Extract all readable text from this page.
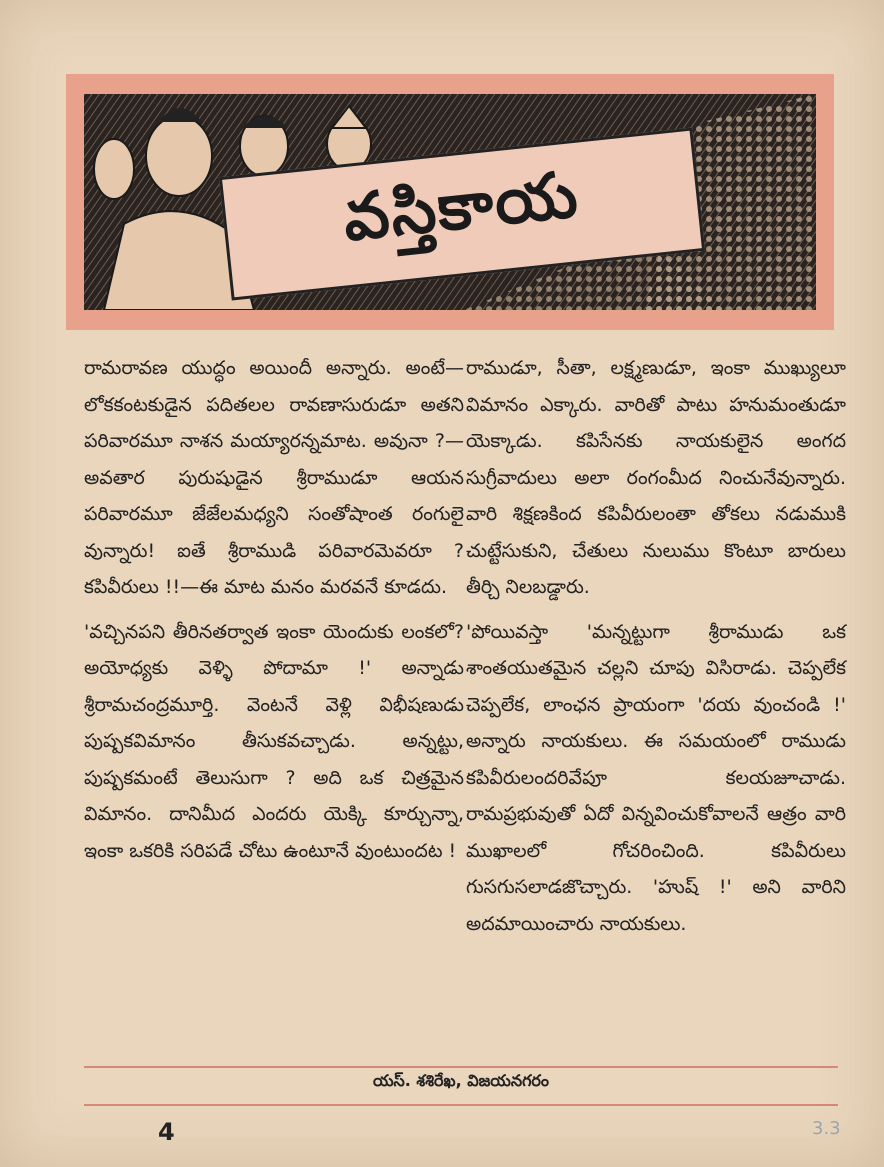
వస్తికాయ

రామరావణ యుద్ధం అయిందీ అన్నారు. అంటే—లోకకంటకుడైన పదితలల రావణాసురుడూ అతని పరివారమూ నాశన మయ్యారన్నమాట. అవునా ?—అవతార పురుషుడైన శ్రీరాముడూ ఆయన పరివారమూ జేజేలమధ్యని సంతోషాంత రంగులై వున్నారు! ఐతే శ్రీరాముడి పరివారమెవరూ ? కపివీరులు !!—ఈ మాట మనం మరవనే కూడదు.

'వచ్చినపని తీరినతర్వాత ఇంకా యెందుకు లంకలో? అయోధ్యకు వెళ్ళి పోదామా !' అన్నాడు శ్రీరామచంద్రమూర్తి. వెంటనే వెళ్లి విభీషణుడు పుష్పకవిమానం తీసుకవచ్చాడు. అన్నట్టు, పుష్పకమంటే తెలుసుగా ? అది ఒక చిత్రమైన విమానం. దానిమీద ఎందరు యెక్కి కూర్చున్నా, ఇంకా ఒకరికి సరిపడే చోటు ఉంటూనే వుంటుందట !

రాముడూ, సీతా, లక్ష్మణుడూ, ఇంకా ముఖ్యులూ విమానం ఎక్కారు. వారితో పాటు హనుమంతుడూ యెక్కాడు. కపిసేనకు నాయకులైన అంగద సుగ్రీవాదులు అలా రంగంమీద నించునేవున్నారు. వారి శిక్షణకింద కపివీరులంతా తోకలు నడుముకి చుట్టేసుకుని, చేతులు నులుము కొంటూ బారులు తీర్చి నిలబడ్డారు.

'పోయివస్తా 'మన్నట్టుగా శ్రీరాముడు ఒక శాంతయుతమైన చల్లని చూపు విసిరాడు. చెప్పలేక చెప్పలేక, లాంఛన ప్రాయంగా 'దయ వుంచండి !' అన్నారు నాయకులు. ఈ సమయంలో రాముడు కపివీరులందరివేపూ కలయజూచాడు. రామప్రభువుతో ఏదో విన్నవించుకోవాలనే ఆత్రం వారి ముఖాలలో గోచరించింది. కపివీరులు గుసగుసలాడజొచ్చారు. 'హుష్ !' అని వారిని అదమాయించారు నాయకులు.

యస్. శశిరేఖ, విజయనగరం
4	3.3
